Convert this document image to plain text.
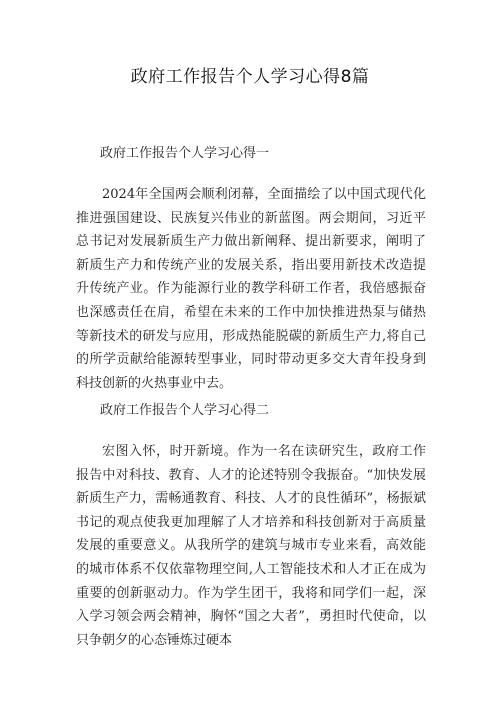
政府工作报告个人学习心得8篇
政府工作报告个人学习心得一

2024年全国两会顺利闭幕，全面描绘了以中国式现代化推进强国建设、民族复兴伟业的新蓝图。两会期间，习近平总书记对发展新质生产力做出新阐释、提出新要求，阐明了新质生产力和传统产业的发展关系，指出要用新技术改造提升传统产业。作为能源行业的教学科研工作者，我倍感振奋也深感责任在肩，希望在未来的工作中加快推进热泵与储热等新技术的研发与应用，形成热能脱碳的新质生产力,将自己的所学贡献给能源转型事业，同时带动更多交大青年投身到科技创新的火热事业中去。

政府工作报告个人学习心得二

宏图入怀，时开新境。作为一名在读研究生，政府工作报告中对科技、教育、人才的论述特别令我振奋。“加快发展新质生产力，需畅通教育、科技、人才的良性循环”，杨振斌书记的观点使我更加理解了人才培养和科技创新对于高质量发展的重要意义。从我所学的建筑与城市专业来看，高效能的城市体系不仅依靠物理空间,人工智能技术和人才正在成为重要的创新驱动力。作为学生团干，我将和同学们一起，深入学习领会两会精神，胸怀“国之大者”，勇担时代使命，以只争朝夕的心态锤炼过硬本
